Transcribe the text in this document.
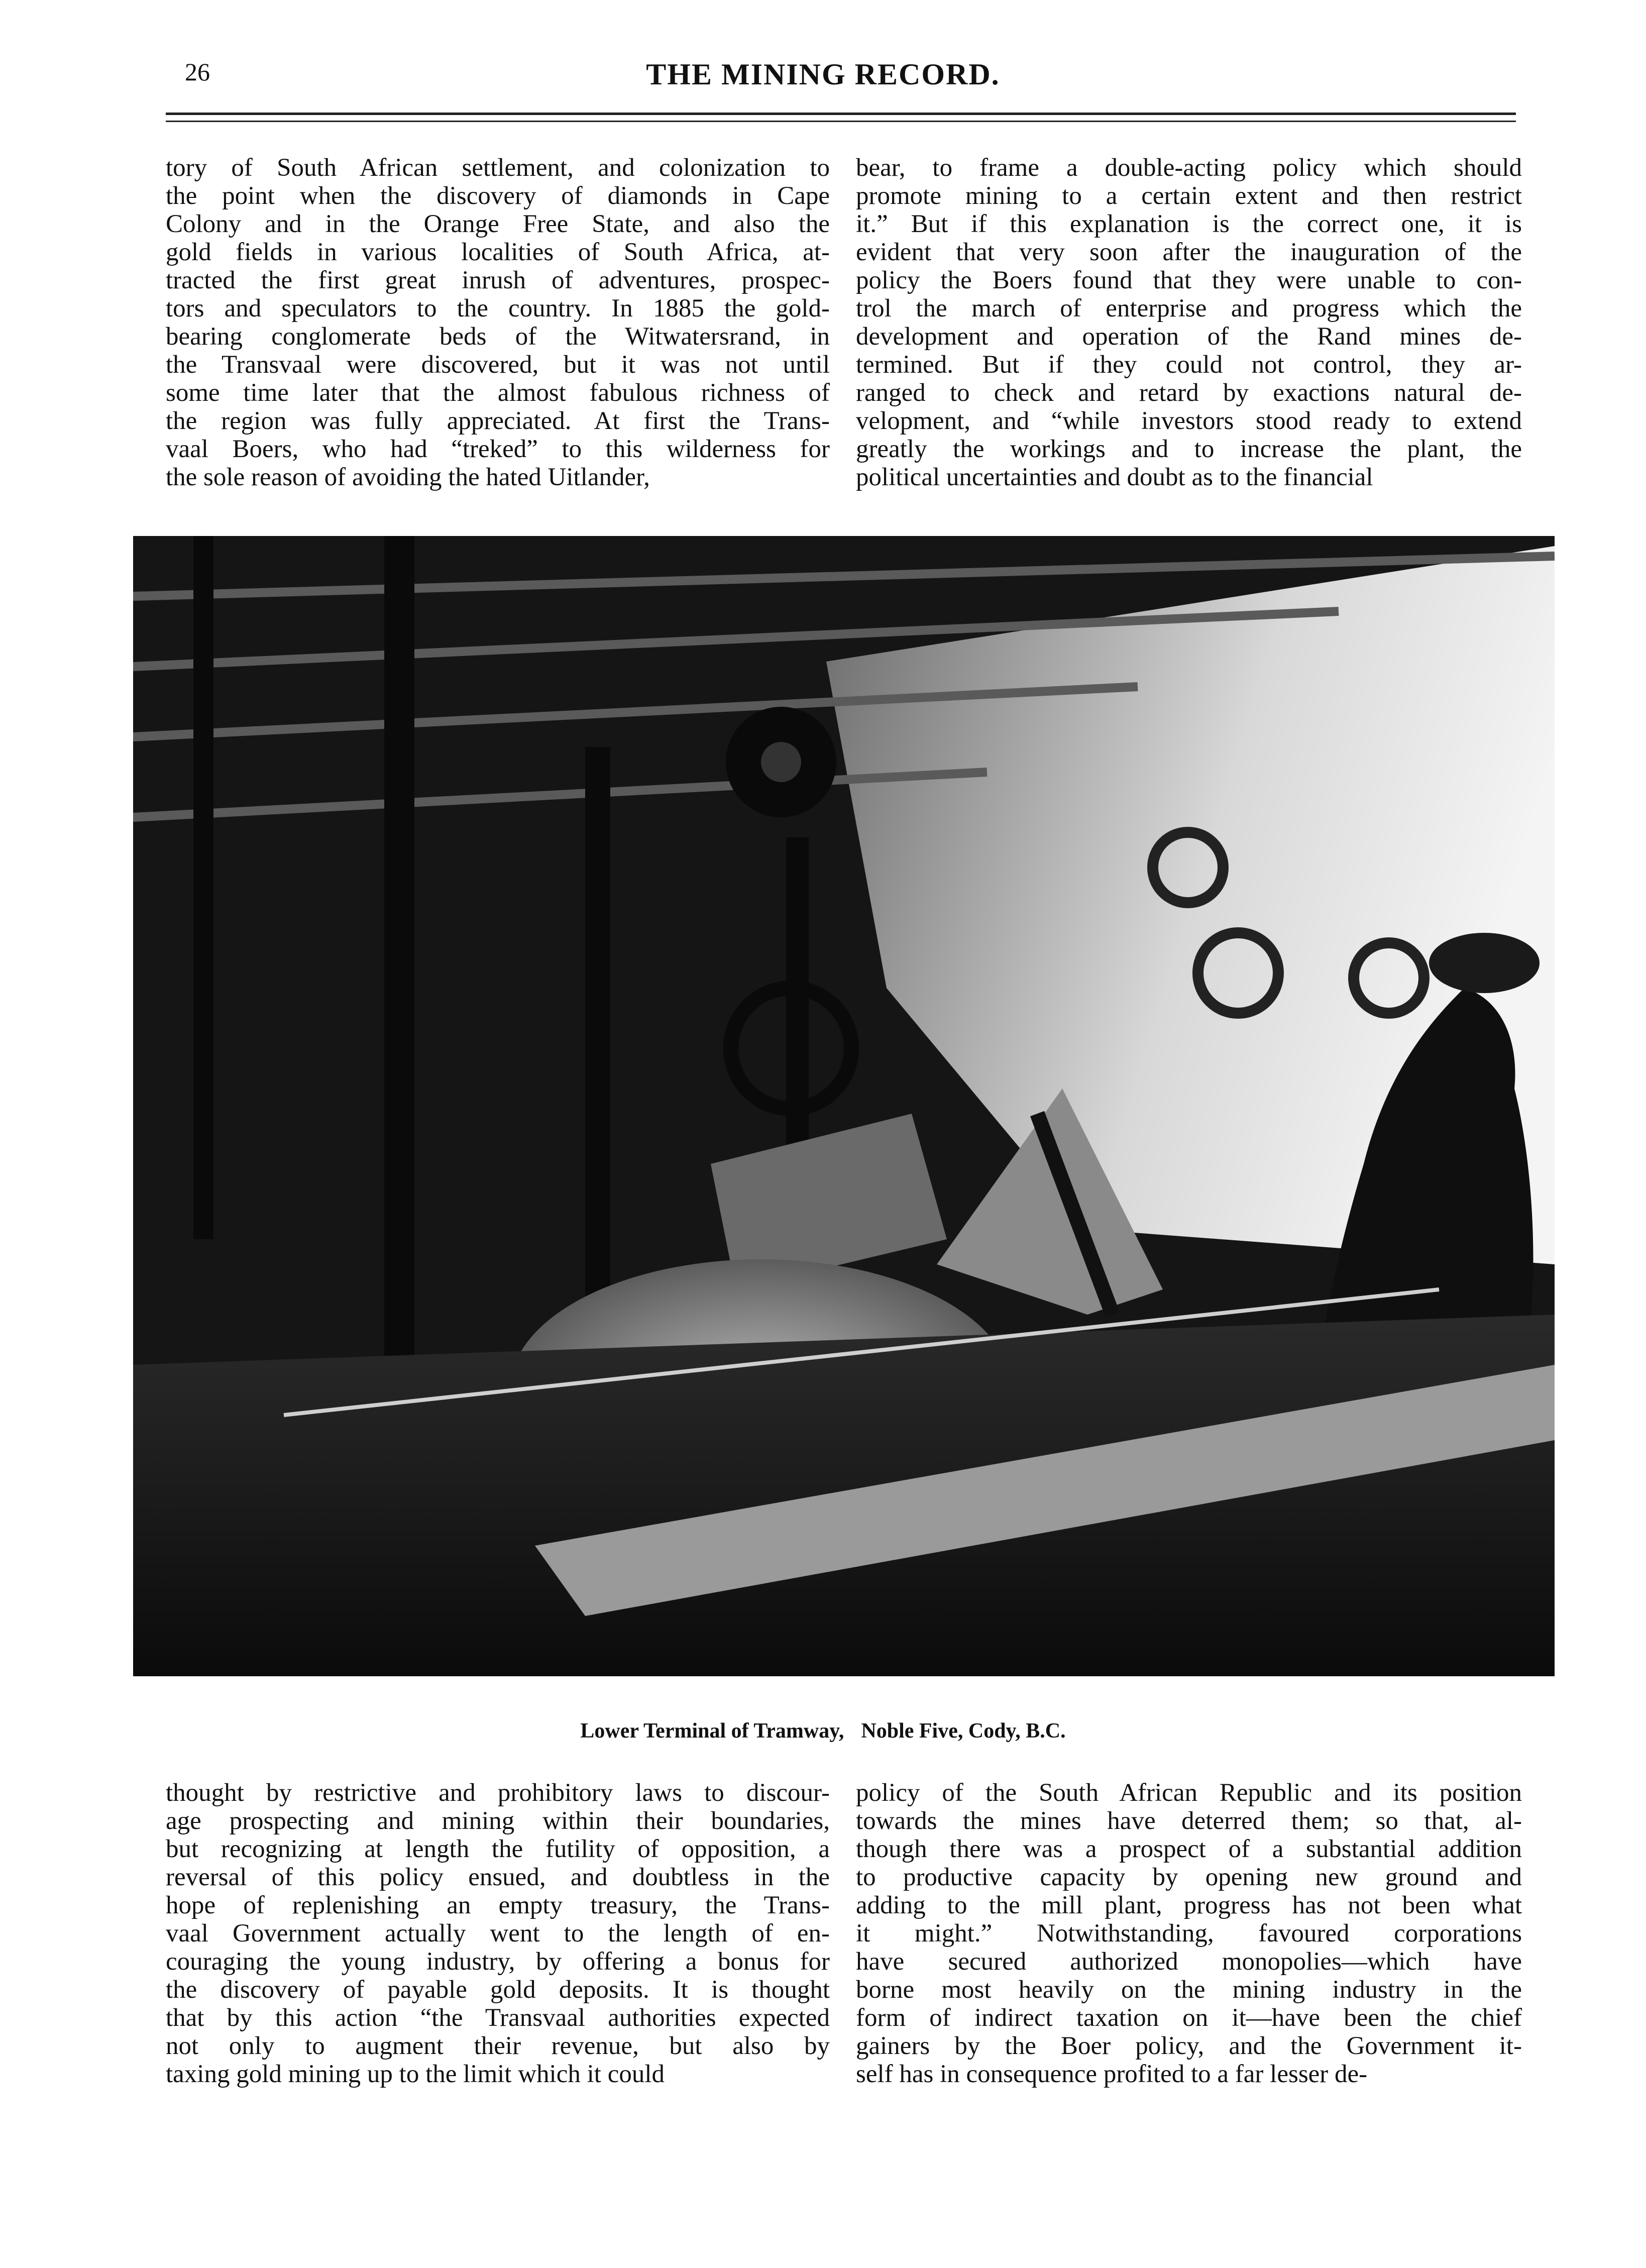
26	THE MINING RECORD.
tory of South African settlement, and colonization to
the point when the discovery of diamonds in Cape
Colony and in the Orange Free State, and also the
gold fields in various localities of South Africa, at-
tracted the first great inrush of adventures, prospec-
tors and speculators to the country. In 1885 the gold-
bearing conglomerate beds of the Witwatersrand, in
the Transvaal were discovered, but it was not until
some time later that the almost fabulous richness of
the region was fully appreciated. At first the Trans-
vaal Boers, who had “treked” to this wilderness for
the sole reason of avoiding the hated Uitlander,
bear, to frame a double-acting policy which should
promote mining to a certain extent and then restrict
it.” But if this explanation is the correct one, it is
evident that very soon after the inauguration of the
policy the Boers found that they were unable to con-
trol the march of enterprise and progress which the
development and operation of the Rand mines de-
termined. But if they could not control, they ar-
ranged to check and retard by exactions natural de-
velopment, and “while investors stood ready to extend
greatly the workings and to increase the plant, the
political uncertainties and doubt as to the financial
Lower Terminal of Tramway, Noble Five, Cody, B.C.
thought by restrictive and prohibitory laws to discour-
age prospecting and mining within their boundaries,
but recognizing at length the futility of opposition, a
reversal of this policy ensued, and doubtless in the
hope of replenishing an empty treasury, the Trans-
vaal Government actually went to the length of en-
couraging the young industry, by offering a bonus for
the discovery of payable gold deposits. It is thought
that by this action “the Transvaal authorities expected
not only to augment their revenue, but also by
taxing gold mining up to the limit which it could
policy of the South African Republic and its position
towards the mines have deterred them; so that, al-
though there was a prospect of a substantial addition
to productive capacity by opening new ground and
adding to the mill plant, progress has not been what
it might.” Notwithstanding, favoured corporations
have secured authorized monopolies—which have
borne most heavily on the mining industry in the
form of indirect taxation on it—have been the chief
gainers by the Boer policy, and the Government it-
self has in consequence profited to a far lesser de-
